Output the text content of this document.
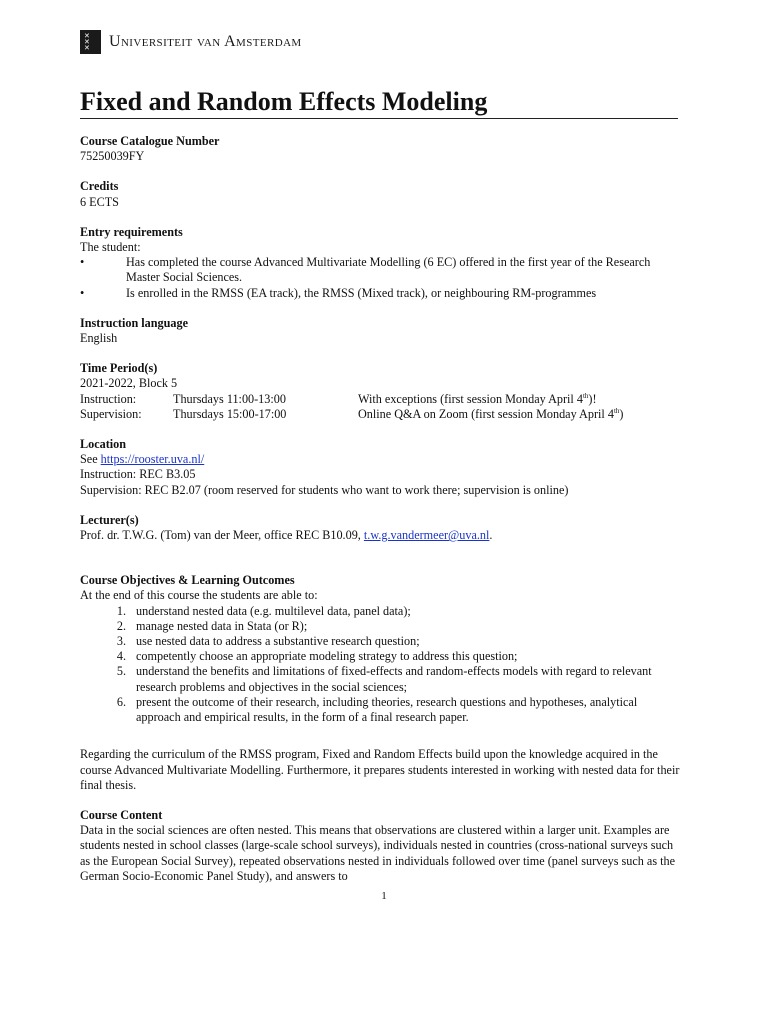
✕
✕
✕ Universiteit van Amsterdam
Fixed and Random Effects Modeling
Course Catalogue Number
75250039FY
Credits
6 ECTS
Entry requirements
The student:
•	Has completed the course Advanced Multivariate Modelling (6 EC) offered in the first year of the Research Master Social Sciences.
•	Is enrolled in the RMSS (EA track), the RMSS (Mixed track), or neighbouring RM-programmes
Instruction language
English
Time Period(s)
2021-2022, Block 5
Instruction:	Thursdays 11:00-13:00	With exceptions (first session Monday April 4th)!
Supervision:	Thursdays 15:00-17:00	Online Q&A on Zoom (first session Monday April 4th)
Location
See https://rooster.uva.nl/
Instruction: REC B3.05
Supervision: REC B2.07 (room reserved for students who want to work there; supervision is online)
Lecturer(s)
Prof. dr. T.W.G. (Tom) van der Meer, office REC B10.09, t.w.g.vandermeer@uva.nl.
Course Objectives & Learning Outcomes
At the end of this course the students are able to:
1. understand nested data (e.g. multilevel data, panel data);
2. manage nested data in Stata (or R);
3. use nested data to address a substantive research question;
4. competently choose an appropriate modeling strategy to address this question;
5. understand the benefits and limitations of fixed-effects and random-effects models with regard to relevant research problems and objectives in the social sciences;
6. present the outcome of their research, including theories, research questions and hypotheses, analytical approach and empirical results, in the form of a final research paper.
Regarding the curriculum of the RMSS program, Fixed and Random Effects build upon the knowledge acquired in the course Advanced Multivariate Modelling. Furthermore, it prepares students interested in working with nested data for their final thesis.
Course Content
Data in the social sciences are often nested. This means that observations are clustered within a larger unit. Examples are students nested in school classes (large-scale school surveys), individuals nested in countries (cross-national surveys such as the European Social Survey), repeated observations nested in individuals followed over time (panel surveys such as the German Socio-Economic Panel Study), and answers to
1
